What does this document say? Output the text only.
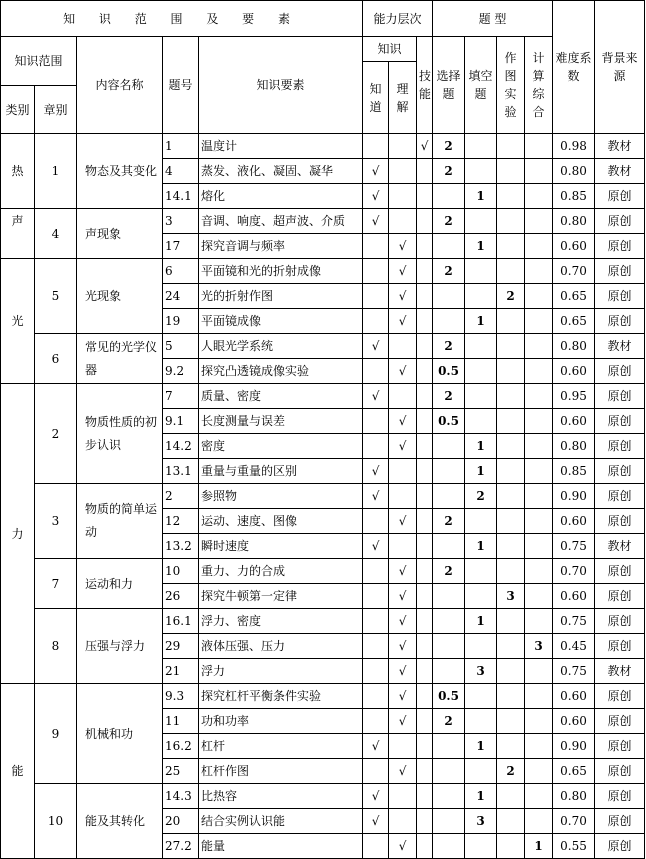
知 识 范 围 及 要 素					能力层次			题 型				难度系数	背景来源
知识范围		内容名称	题号	知识要素	知识		技能	选择题	填空题	作图实验	计算综合		
					知道	理解							
类别	章别												
热	1	物态及其变化	1	温度计			√	2				0.98	教材
			4	蒸发、液化、凝固、凝华	√			2				0.80	教材
			14.1	熔化	√				1			0.85	原创
声	4	声现象	3	音调、响度、超声波、介质	√			2				0.80	原创
			17	探究音调与频率		√			1			0.60	原创
光	5	光现象	6	平面镜和光的折射成像		√		2				0.70	原创
			24	光的折射作图		√				2		0.65	原创
			19	平面镜成像		√			1			0.65	原创
	6	常见的光学仪器	5	人眼光学系统	√			2				0.80	教材
			9.2	探究凸透镜成像实验		√		0.5				0.60	原创
力	2	物质性质的初步认识	7	质量、密度	√			2				0.95	原创
			9.1	长度测量与误差		√		0.5				0.60	原创
			14.2	密度		√			1			0.80	原创
			13.1	重量与重量的区别	√				1			0.85	原创
	3	物质的简单运动	2	参照物	√				2			0.90	原创
			12	运动、速度、图像		√		2				0.60	原创
			13.2	瞬时速度	√				1			0.75	教材
	7	运动和力	10	重力、力的合成		√		2				0.70	原创
			26	探究牛顿第一定律		√				3		0.60	原创
	8	压强与浮力	16.1	浮力、密度		√			1			0.75	原创
			29	液体压强、压力		√					3	0.45	原创
			21	浮力		√			3			0.75	教材
能	9	机械和功	9.3	探究杠杆平衡条件实验		√		0.5				0.60	原创
			11	功和功率		√		2				0.60	原创
			16.2	杠杆	√				1			0.90	原创
			25	杠杆作图		√				2		0.65	原创
	10	能及其转化	14.3	比热容	√				1			0.80	原创
			20	结合实例认识能	√				3			0.70	原创
			27.2	能量		√					1	0.55	原创
